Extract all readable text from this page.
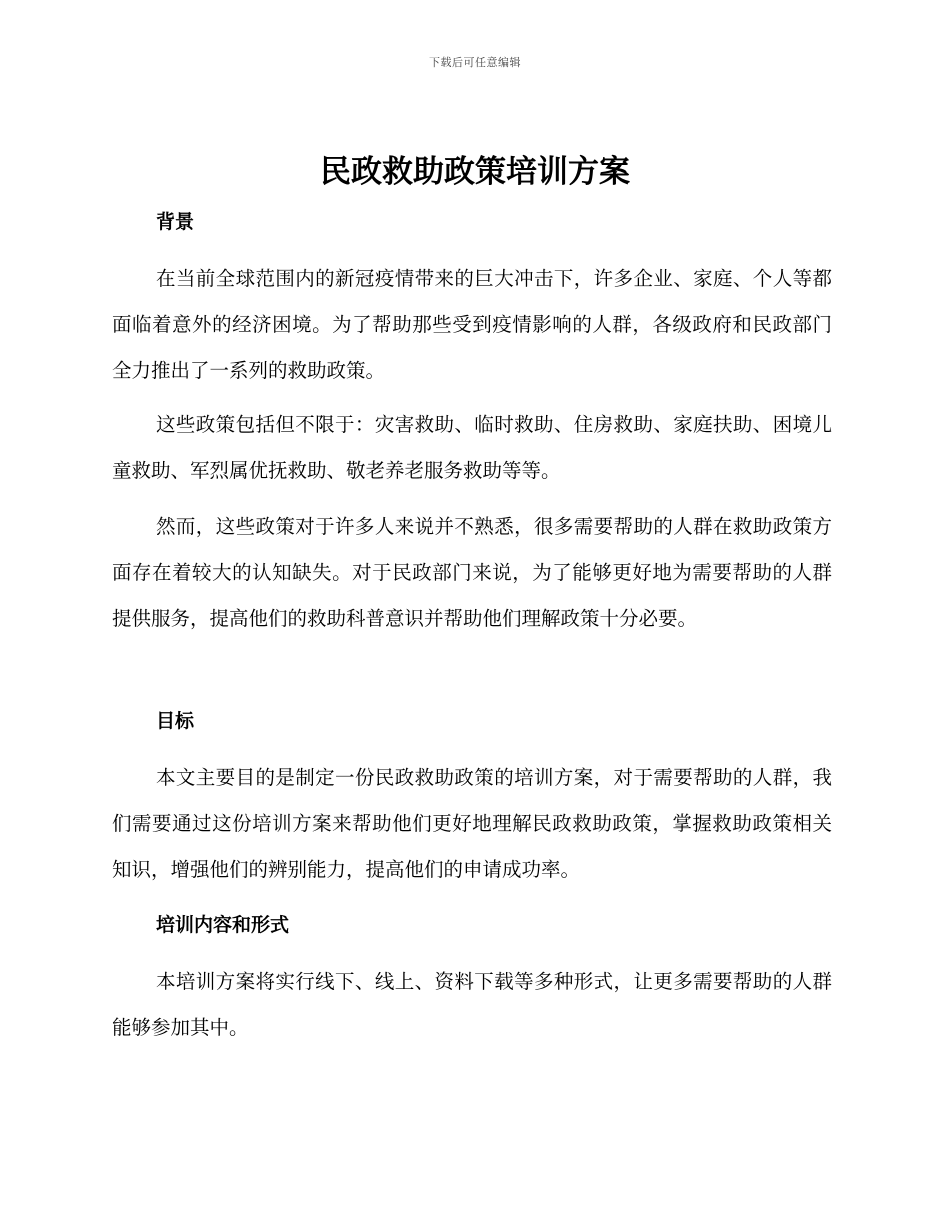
下载后可任意编辑
民政救助政策培训方案
背景

在当前全球范围内的新冠疫情带来的巨大冲击下，许多企业、家庭、个人等都面临着意外的经济困境。为了帮助那些受到疫情影响的人群，各级政府和民政部门全力推出了一系列的救助政策。

这些政策包括但不限于：灾害救助、临时救助、住房救助、家庭扶助、困境儿童救助、军烈属优抚救助、敬老养老服务救助等等。

然而，这些政策对于许多人来说并不熟悉，很多需要帮助的人群在救助政策方面存在着较大的认知缺失。对于民政部门来说，为了能够更好地为需要帮助的人群提供服务，提高他们的救助科普意识并帮助他们理解政策十分必要。

目标

本文主要目的是制定一份民政救助政策的培训方案，对于需要帮助的人群，我们需要通过这份培训方案来帮助他们更好地理解民政救助政策，掌握救助政策相关知识，增强他们的辨别能力，提高他们的申请成功率。

培训内容和形式

本培训方案将实行线下、线上、资料下载等多种形式，让更多需要帮助的人群能够参加其中。
